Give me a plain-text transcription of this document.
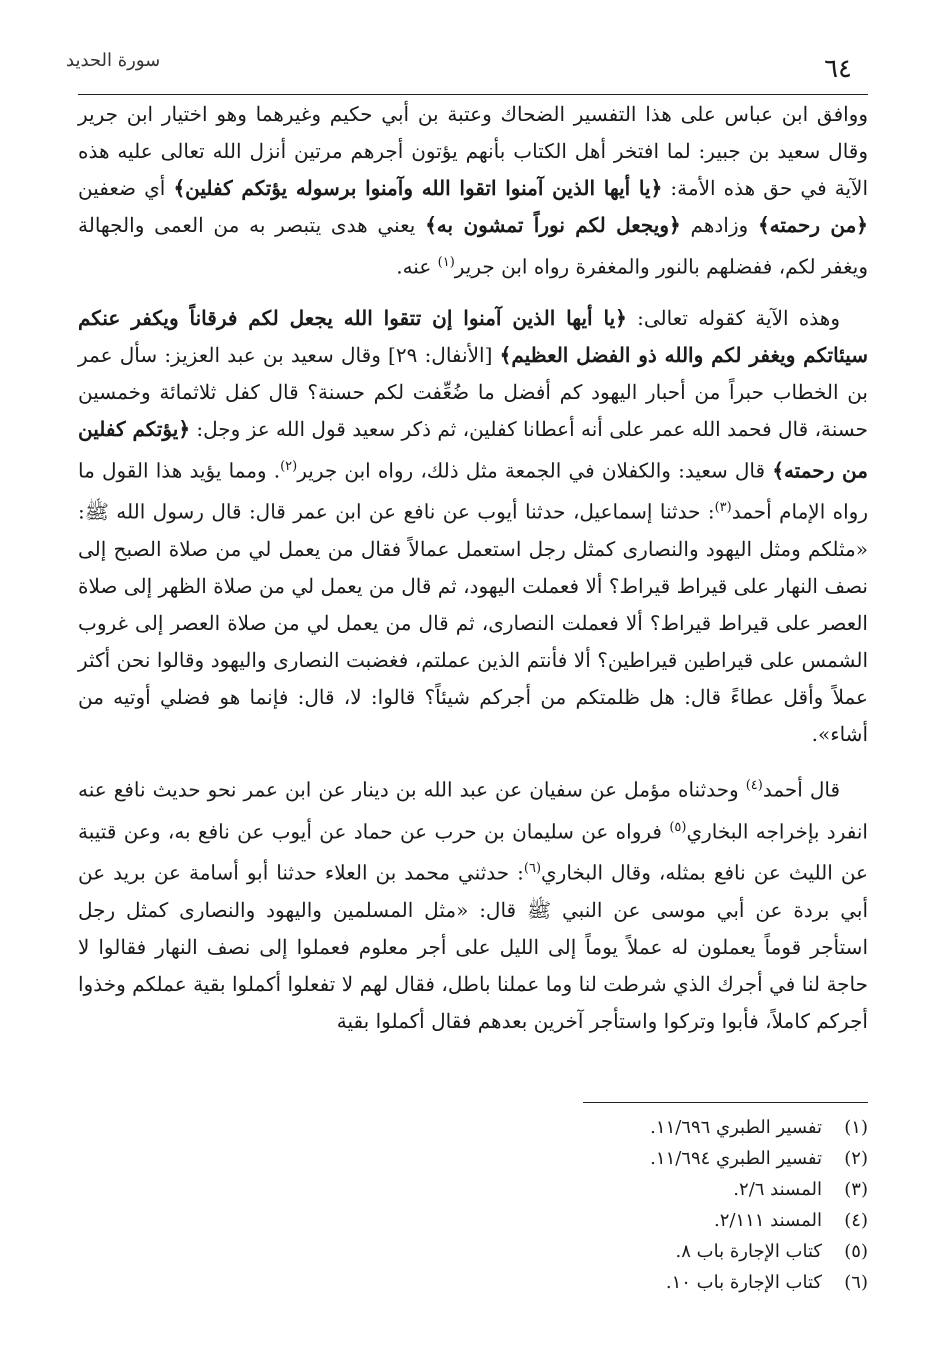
٦٤
سورة الحديد

ووافق ابن عباس على هذا التفسير الضحاك وعتبة بن أبي حكيم وغيرهما وهو اختيار ابن جرير وقال سعيد بن جبير: لما افتخر أهل الكتاب بأنهم يؤتون أجرهم مرتين أنزل الله تعالى عليه هذه الآية في حق هذه الأمة: ﴿يا أيها الذين آمنوا اتقوا الله وآمنوا برسوله يؤتكم كفلين﴾ أي ضعفين ﴿من رحمته﴾ وزادهم ﴿ويجعل لكم نوراً تمشون به﴾ يعني هدى يتبصر به من العمى والجهالة ويغفر لكم، ففضلهم بالنور والمغفرة رواه ابن جرير$^{(١)}$ عنه.

وهذه الآية كقوله تعالى: ﴿يا أيها الذين آمنوا إن تتقوا الله يجعل لكم فرقاناً ويكفر عنكم سيئاتكم ويغفر لكم والله ذو الفضل العظيم﴾ [الأنفال: ٢٩] وقال سعيد بن عبد العزيز: سأل عمر بن الخطاب حبراً من أحبار اليهود كم أفضل ما ضُعِّفت لكم حسنة؟ قال كفل ثلاثمائة وخمسين حسنة، قال فحمد الله عمر على أنه أعطانا كفلين، ثم ذكر سعيد قول الله عز وجل: ﴿يؤتكم كفلين من رحمته﴾ قال سعيد: والكفلان في الجمعة مثل ذلك، رواه ابن جرير$^{(٢)}$. ومما يؤيد هذا القول ما رواه الإمام أحمد$^{(٣)}$: حدثنا إسماعيل، حدثنا أيوب عن نافع عن ابن عمر قال: قال رسول الله ﷺ: «مثلكم ومثل اليهود والنصارى كمثل رجل استعمل عمالاً فقال من يعمل لي من صلاة الصبح إلى نصف النهار على قيراط قيراط؟ ألا فعملت اليهود، ثم قال من يعمل لي من صلاة الظهر إلى صلاة العصر على قيراط قيراط؟ ألا فعملت النصارى، ثم قال من يعمل لي من صلاة العصر إلى غروب الشمس على قيراطين قيراطين؟ ألا فأنتم الذين عملتم، فغضبت النصارى واليهود وقالوا نحن أكثر عملاً وأقل عطاءً قال: هل ظلمتكم من أجركم شيئاً؟ قالوا: لا، قال: فإنما هو فضلي أوتيه من أشاء».

قال أحمد$^{(٤)}$ وحدثناه مؤمل عن سفيان عن عبد الله بن دينار عن ابن عمر نحو حديث نافع عنه انفرد بإخراجه البخاري$^{(٥)}$ فرواه عن سليمان بن حرب عن حماد عن أيوب عن نافع به، وعن قتيبة عن الليث عن نافع بمثله، وقال البخاري$^{(٦)}$: حدثني محمد بن العلاء حدثنا أبو أسامة عن بريد عن أبي بردة عن أبي موسى عن النبي ﷺ قال: «مثل المسلمين واليهود والنصارى كمثل رجل استأجر قوماً يعملون له عملاً يوماً إلى الليل على أجر معلوم فعملوا إلى نصف النهار فقالوا لا حاجة لنا في أجرك الذي شرطت لنا وما عملنا باطل، فقال لهم لا تفعلوا أكملوا بقية عملكم وخذوا أجركم كاملاً، فأبوا وتركوا واستأجر آخرين بعدهم فقال أكملوا بقية

(١)تفسير الطبري ١١/٦٩٦.
(٢)تفسير الطبري ١١/٦٩٤.
(٣)المسند ٢/٦.
(٤)المسند ٢/١١١.
(٥)كتاب الإجارة باب ٨.
(٦)كتاب الإجارة باب ١٠.
